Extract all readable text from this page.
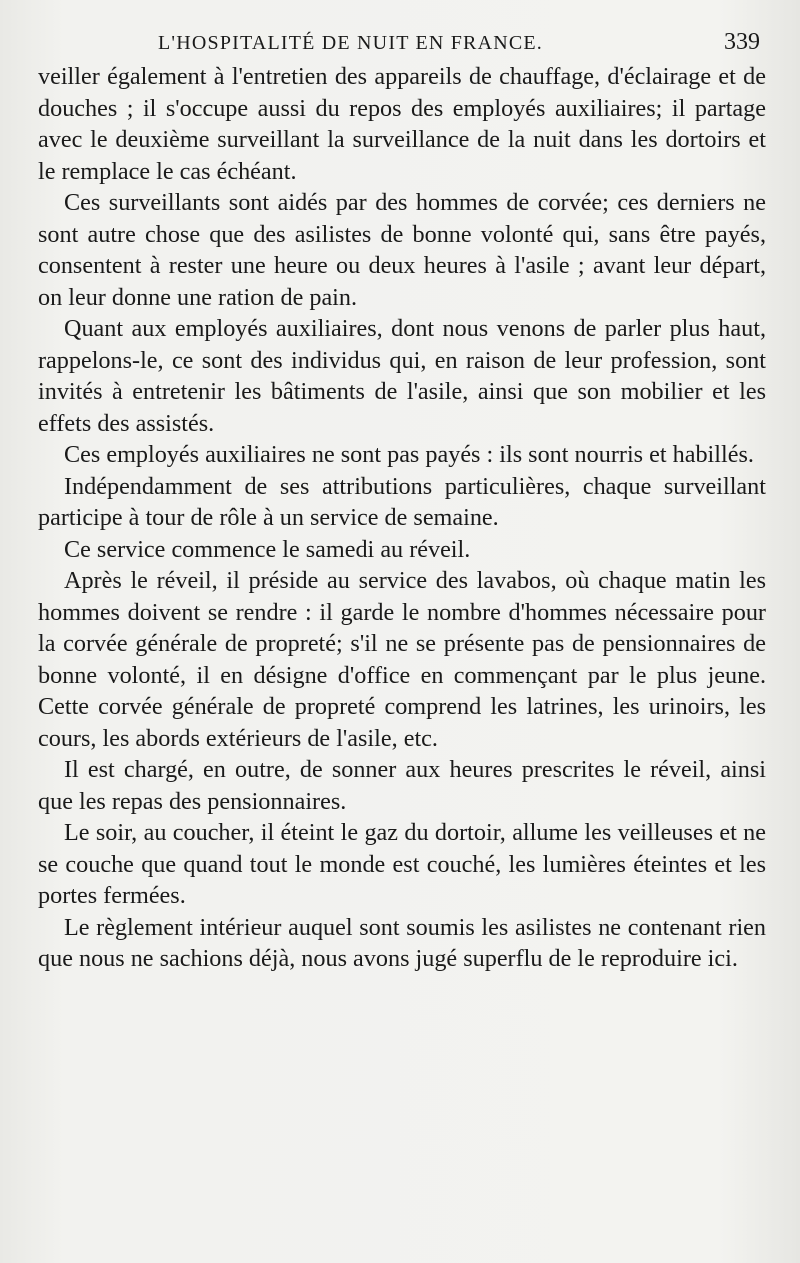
L'HOSPITALITÉ DE NUIT EN FRANCE.	339

veiller également à l'entretien des appareils de chauffage, d'éclairage et de douches ; il s'occupe aussi du repos des employés auxiliaires; il partage avec le deuxième surveillant la surveillance de la nuit dans les dortoirs et le remplace le cas échéant.

Ces surveillants sont aidés par des hommes de corvée; ces derniers ne sont autre chose que des asilistes de bonne volonté qui, sans être payés, consentent à rester une heure ou deux heures à l'asile ; avant leur départ, on leur donne une ration de pain.

Quant aux employés auxiliaires, dont nous venons de parler plus haut, rappelons-le, ce sont des individus qui, en raison de leur profession, sont invités à entretenir les bâtiments de l'asile, ainsi que son mobilier et les effets des assistés.

Ces employés auxiliaires ne sont pas payés : ils sont nourris et habillés.

Indépendamment de ses attributions particulières, chaque surveillant participe à tour de rôle à un service de semaine.

Ce service commence le samedi au réveil.

Après le réveil, il préside au service des lavabos, où chaque matin les hommes doivent se rendre : il garde le nombre d'hommes nécessaire pour la corvée générale de propreté; s'il ne se présente pas de pensionnaires de bonne volonté, il en désigne d'office en commençant par le plus jeune. Cette corvée générale de propreté comprend les latrines, les urinoirs, les cours, les abords extérieurs de l'asile, etc.

Il est chargé, en outre, de sonner aux heures prescrites le réveil, ainsi que les repas des pensionnaires.

Le soir, au coucher, il éteint le gaz du dortoir, allume les veilleuses et ne se couche que quand tout le monde est couché, les lumières éteintes et les portes fermées.

Le règlement intérieur auquel sont soumis les asilistes ne contenant rien que nous ne sachions déjà, nous avons jugé superflu de le reproduire ici.
